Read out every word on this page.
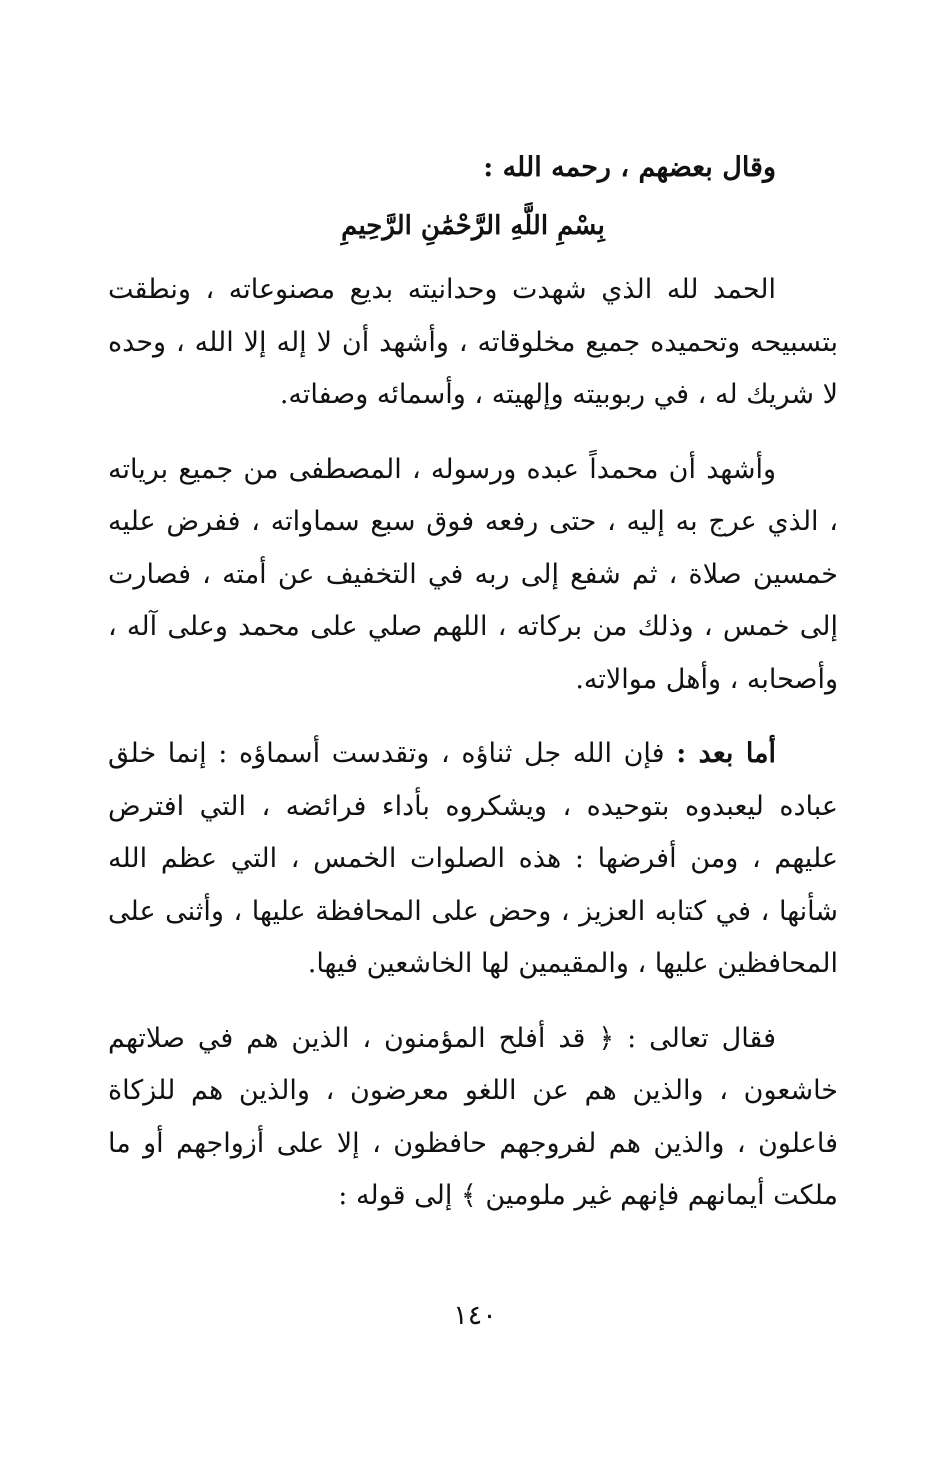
وقال بعضهم ، رحمه الله :
بِسْمِ اللَّهِ الرَّحْمَٰنِ الرَّحِيمِ

الحمد لله الذي شهدت وحدانيته بديع مصنوعاته ، ونطقت بتسبيحه وتحميده جميع مخلوقاته ، وأشهد أن لا إله إلا الله ، وحده لا شريك له ، في ربوبيته وإلهيته ، وأسمائه وصفاته.

وأشهد أن محمداً عبده ورسوله ، المصطفى من جميع برياته ، الذي عرج به إليه ، حتى رفعه فوق سبع سماواته ، ففرض عليه خمسين صلاة ، ثم شفع إلى ربه في التخفيف عن أمته ، فصارت إلى خمس ، وذلك من بركاته ، اللهم صلي على محمد وعلى آله ، وأصحابه ، وأهل موالاته.

أما بعد : فإن الله جل ثناؤه ، وتقدست أسماؤه : إنما خلق عباده ليعبدوه بتوحيده ، ويشكروه بأداء فرائضه ، التي افترض عليهم ، ومن أفرضها : هذه الصلوات الخمس ، التي عظم الله شأنها ، في كتابه العزيز ، وحض على المحافظة عليها ، وأثنى على المحافظين عليها ، والمقيمين لها الخاشعين فيها.

فقال تعالى : ﴿ قد أفلح المؤمنون ، الذين هم في صلاتهم خاشعون ، والذين هم عن اللغو معرضون ، والذين هم للزكاة فاعلون ، والذين هم لفروجهم حافظون ، إلا على أزواجهم أو ما ملكت أيمانهم فإنهم غير ملومين ﴾ إلى قوله :

١٤٠
